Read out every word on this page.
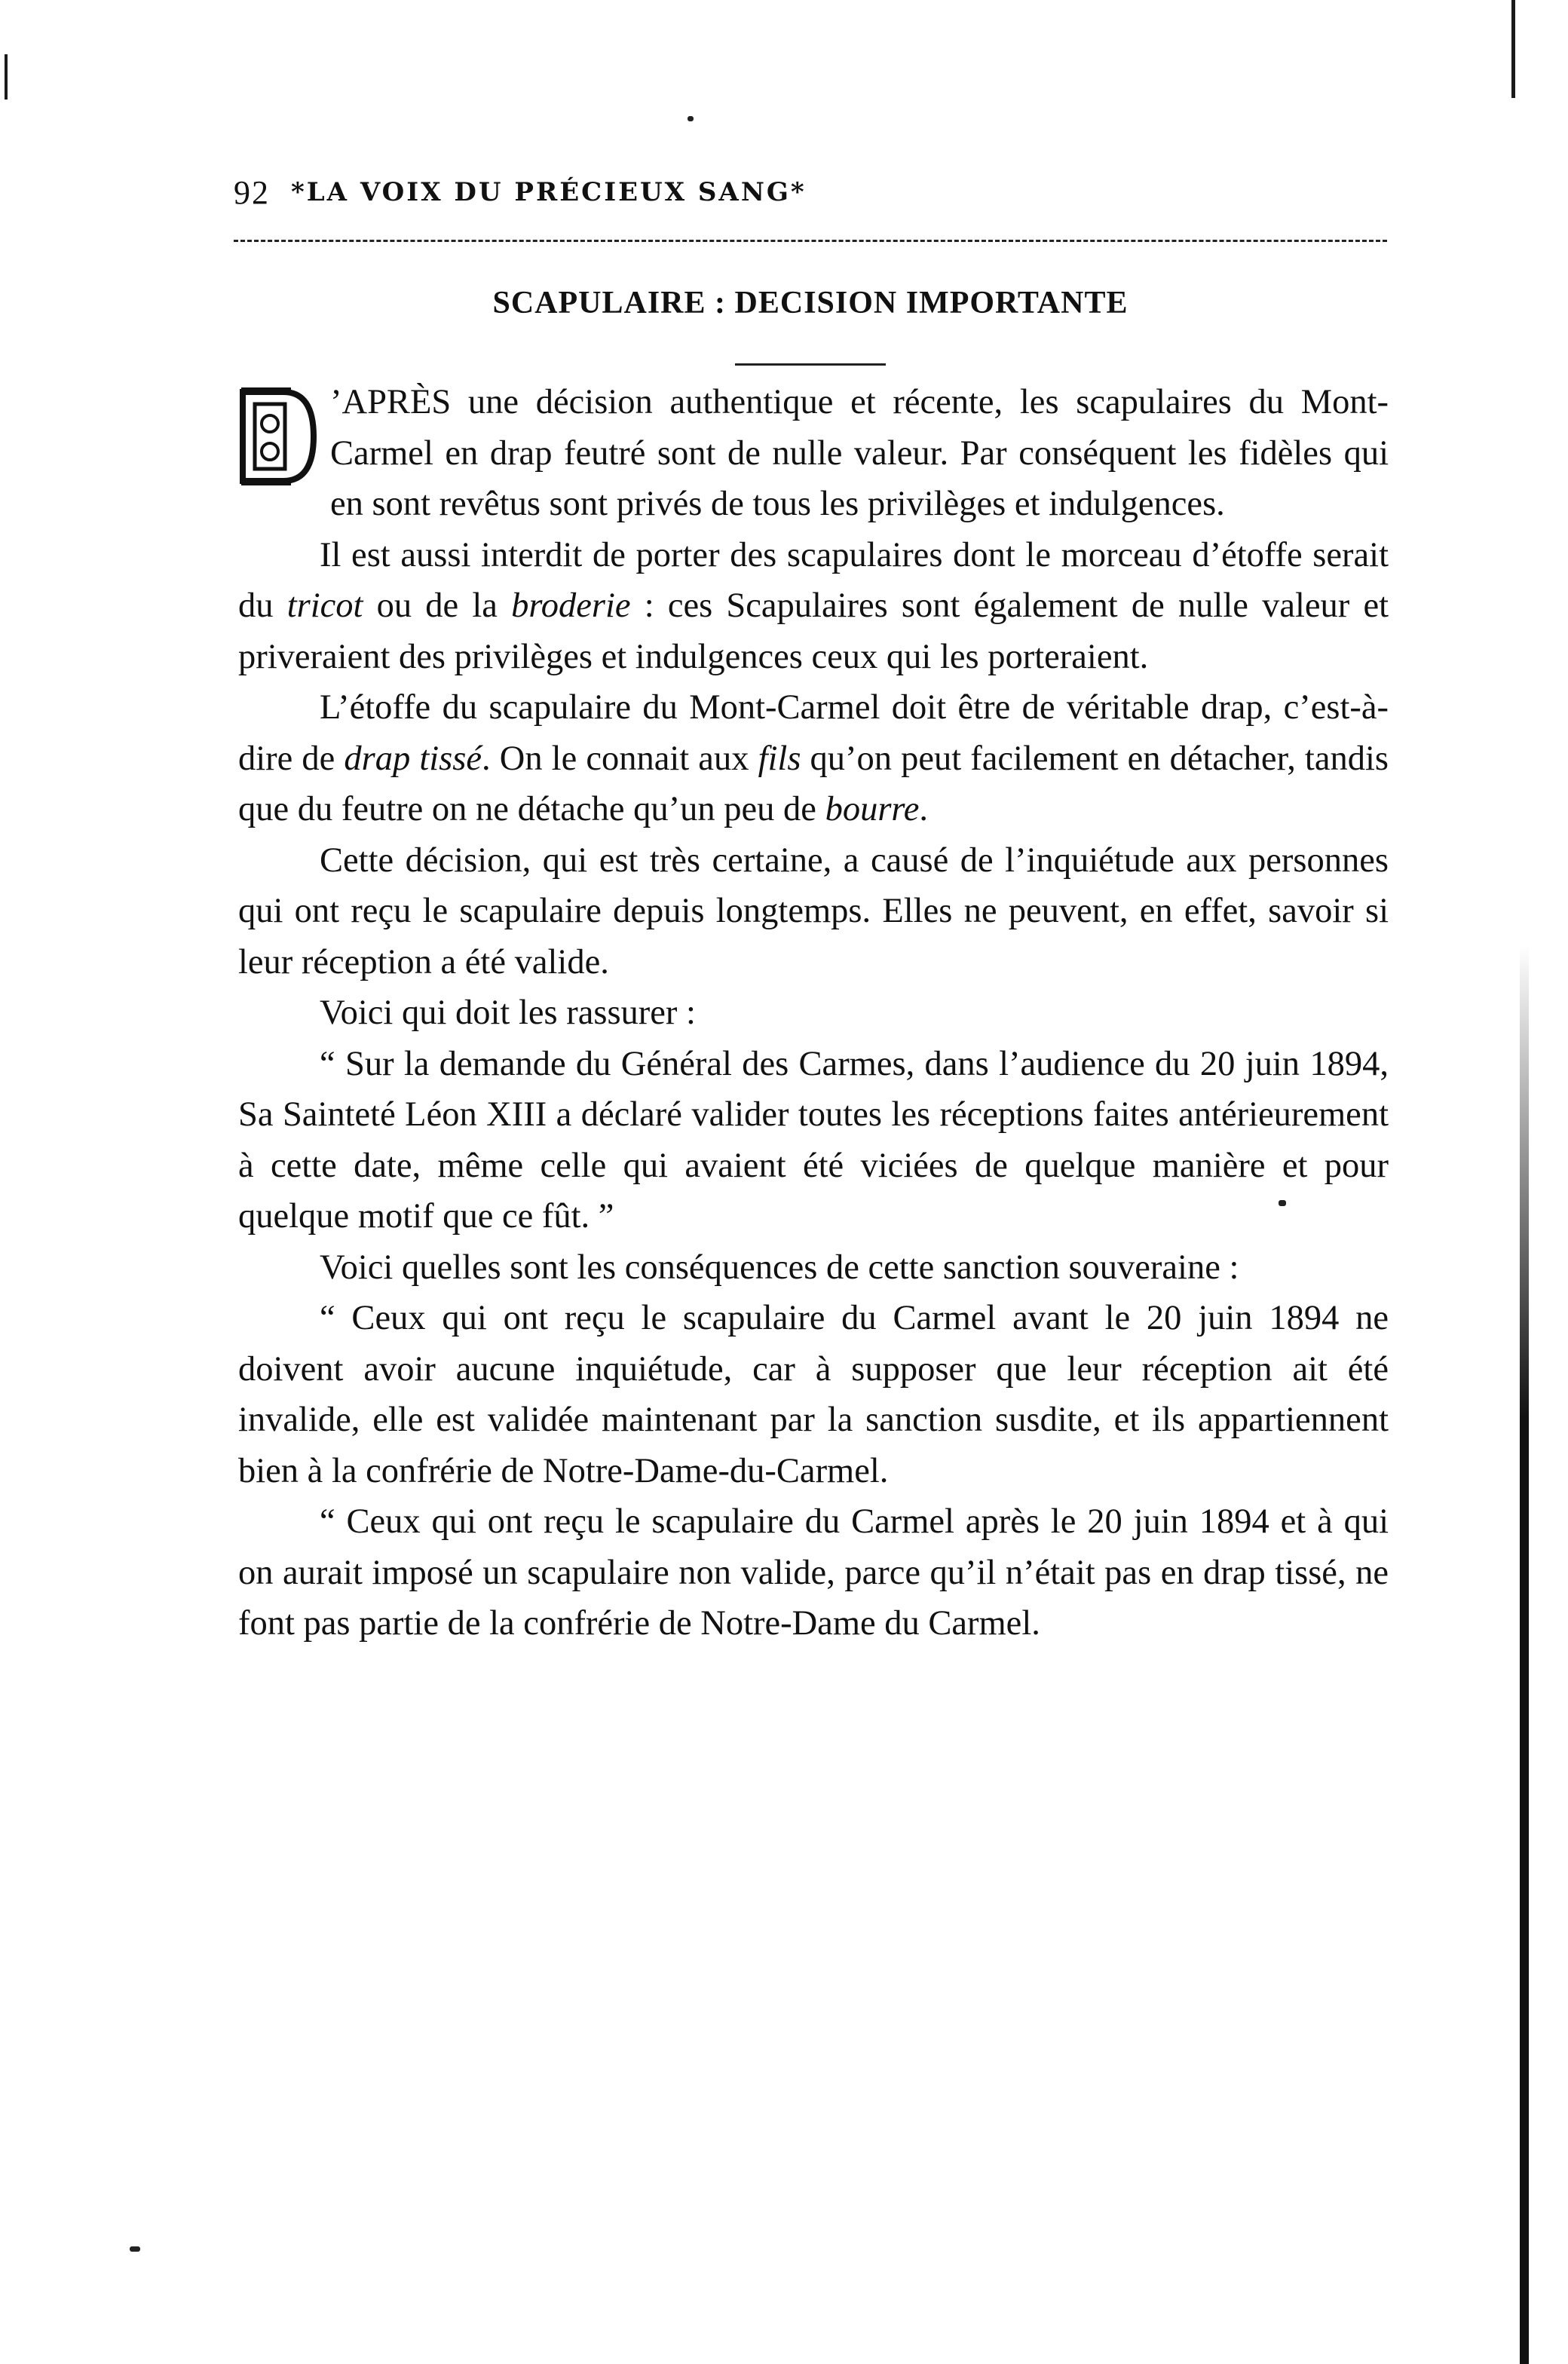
92 *LA VOIX DU PRÉCIEUX SANG*
SCAPULAIRE : DECISION IMPORTANTE

’APRÈS une décision authentique et récente, les scapulaires du Mont-Carmel en drap feutré sont de nulle valeur. Par conséquent les fidèles qui en sont revêtus sont privés de tous les privilèges et indulgences.

Il est aussi interdit de porter des scapulaires dont le morceau d’étoffe serait du tricot ou de la broderie : ces Scapulaires sont également de nulle valeur et priveraient des privilèges et indulgences ceux qui les porteraient.

L’étoffe du scapulaire du Mont-Carmel doit être de véritable drap, c’est-à-dire de drap tissé. On le connait aux fils qu’on peut facilement en détacher, tandis que du feutre on ne détache qu’un peu de bourre.

Cette décision, qui est très certaine, a causé de l’inquiétude aux personnes qui ont reçu le scapulaire depuis longtemps. Elles ne peuvent, en effet, savoir si leur réception a été valide.

Voici qui doit les rassurer :

“ Sur la demande du Général des Carmes, dans l’audience du 20 juin 1894, Sa Sainteté Léon XIII a déclaré valider toutes les réceptions faites antérieurement à cette date, même celle qui avaient été viciées de quelque manière et pour quelque motif que ce fût. ”

Voici quelles sont les conséquences de cette sanction souveraine :

“ Ceux qui ont reçu le scapulaire du Carmel avant le 20 juin 1894 ne doivent avoir aucune inquiétude, car à supposer que leur réception ait été invalide, elle est validée maintenant par la sanction susdite, et ils appartiennent bien à la confrérie de Notre-Dame-du-Carmel.

“ Ceux qui ont reçu le scapulaire du Carmel après le 20 juin 1894 et à qui on aurait imposé un scapulaire non valide, parce qu’il n’était pas en drap tissé, ne font pas partie de la confrérie de Notre-Dame du Carmel.
